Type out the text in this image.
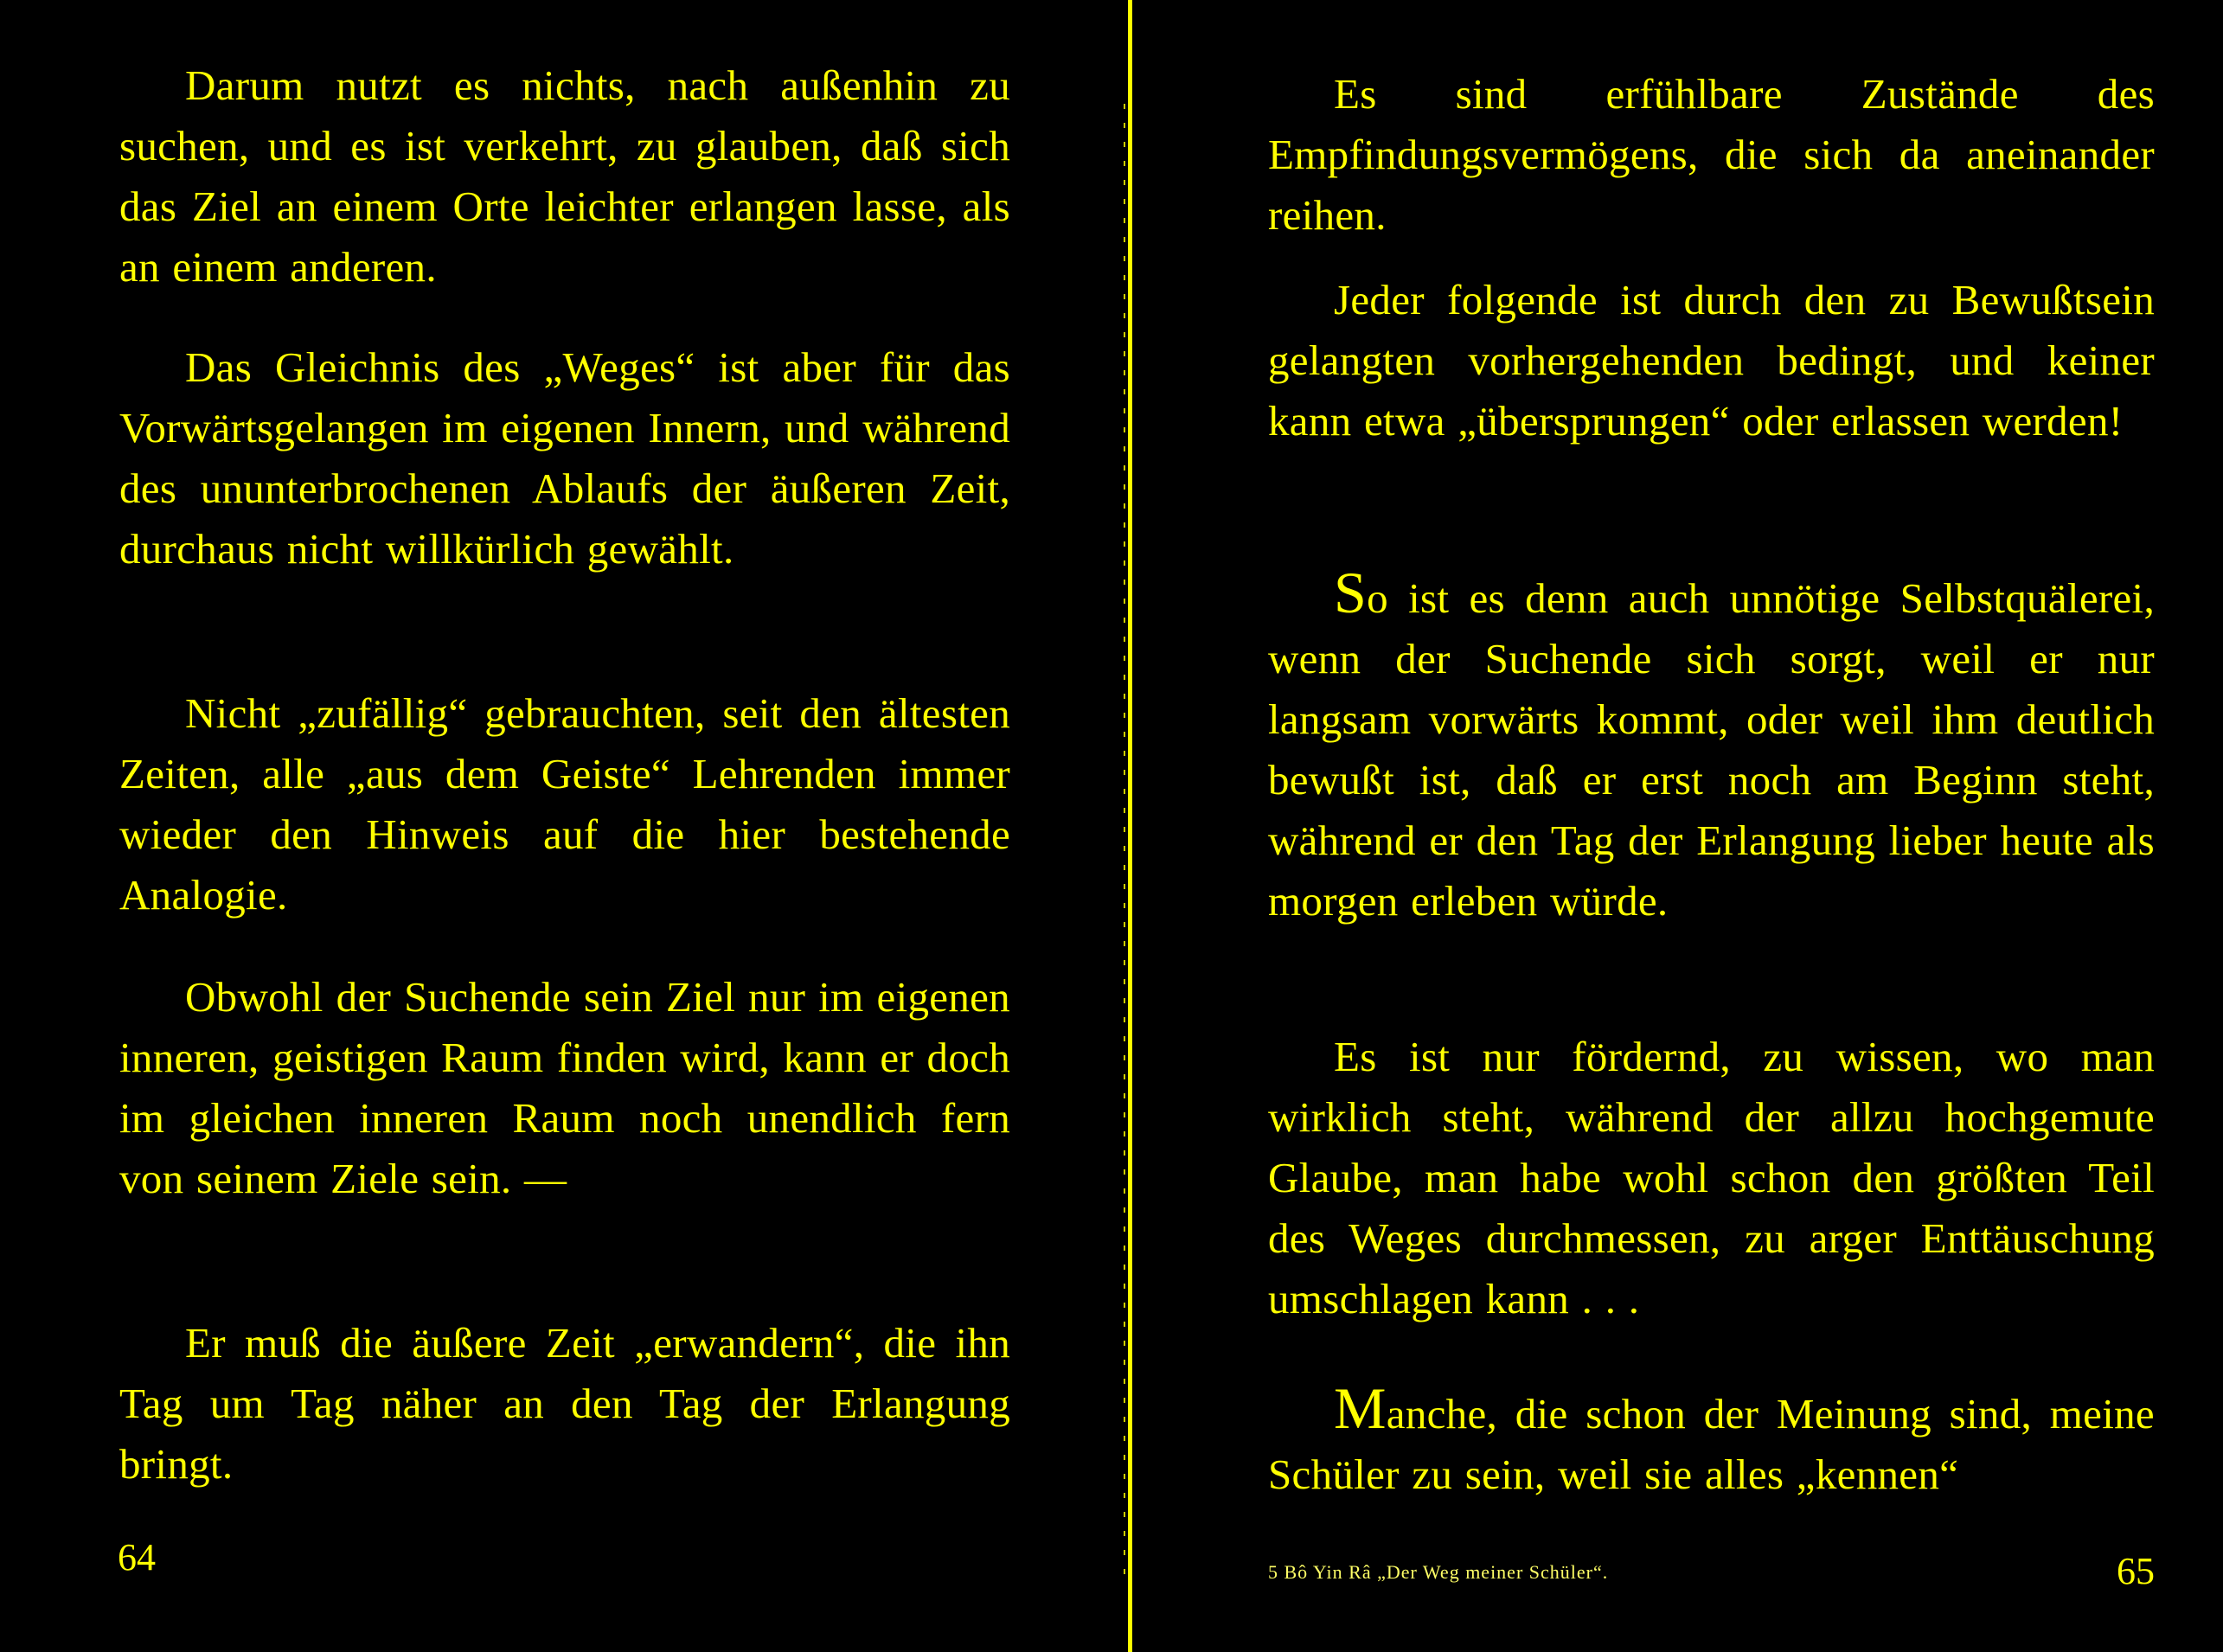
Darum nutzt es nichts, nach außenhin zu suchen, und es ist verkehrt, zu glauben, daß sich das Ziel an einem Orte leichter erlangen lasse, als an einem anderen.

Das Gleichnis des „Weges“ ist aber für das Vorwärtsgelangen im eigenen Innern, und während des ununterbrochenen Ablaufs der äußeren Zeit, durchaus nicht willkürlich gewählt.

Nicht „zufällig“ gebrauchten, seit den ältesten Zeiten, alle „aus dem Geiste“ Lehrenden immer wieder den Hinweis auf die hier bestehende Analogie.

Obwohl der Suchende sein Ziel nur im eigenen inneren, geistigen Raum finden wird, kann er doch im gleichen inneren Raum noch unendlich fern von seinem Ziele sein. —

Er muß die äußere Zeit „erwandern“, die ihn Tag um Tag näher an den Tag der Erlangung bringt.

64

Es sind erfühlbare Zustände des Empfindungsvermögens, die sich da aneinander reihen.

Jeder folgende ist durch den zu Bewußtsein gelangten vorhergehenden bedingt, und keiner kann etwa „übersprungen“ oder erlassen werden!

So ist es denn auch unnötige Selbstquälerei, wenn der Suchende sich sorgt, weil er nur langsam vorwärts kommt, oder weil ihm deutlich bewußt ist, daß er erst noch am Beginn steht, während er den Tag der Erlangung lieber heute als morgen erleben würde.

Es ist nur fördernd, zu wissen, wo man wirklich steht, während der allzu hochgemute Glaube, man habe wohl schon den größten Teil des Weges durchmessen, zu arger Enttäuschung umschlagen kann . . .

Manche, die schon der Meinung sind, meine Schüler zu sein, weil sie alles „kennen“

5 Bô Yin Râ „Der Weg meiner Schüler“.	65
